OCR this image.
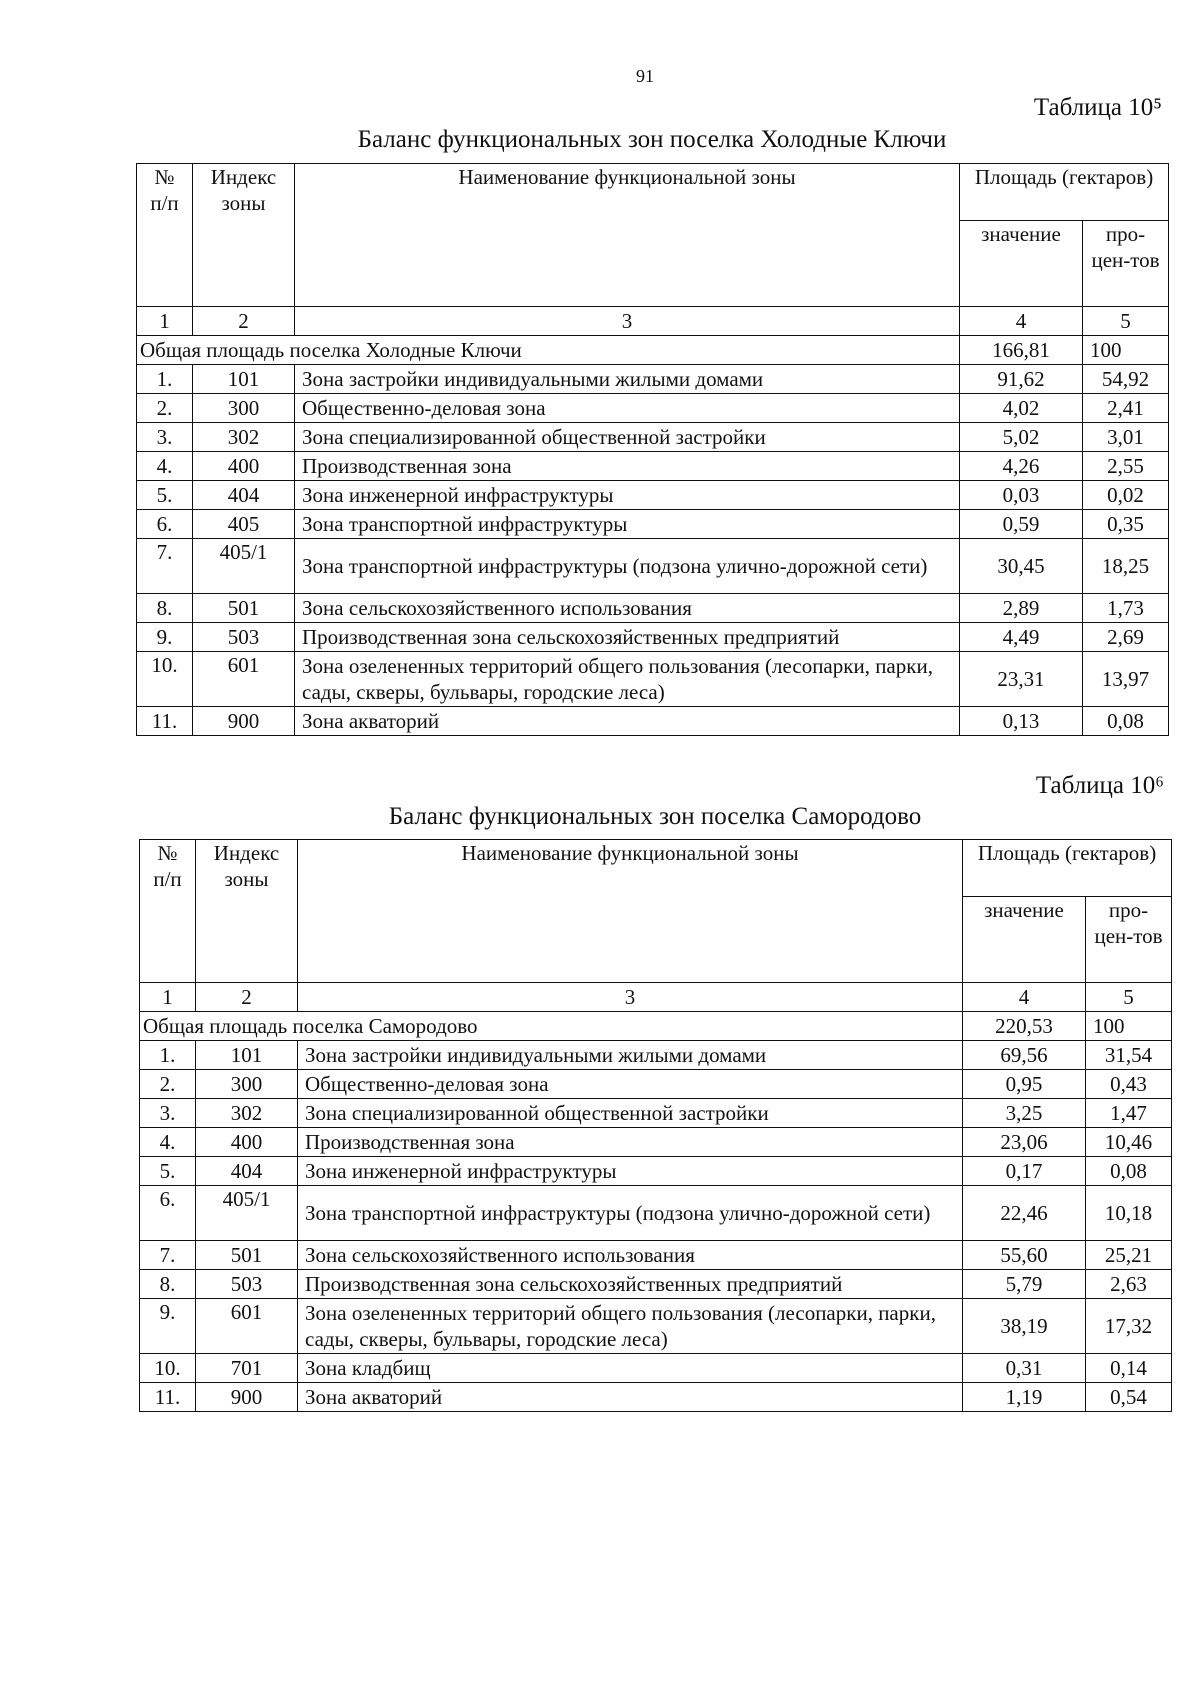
91
Таблица 10⁵
Баланс функциональных зон поселка Холодные Ключи
№ п/п	Индекс зоны	Наименование функциональной зоны	Площадь (гектаров)	
			значение	про-цен-тов
1	2	3	4	5
Общая площадь поселка Холодные Ключи			166,81	100
1.	101	Зона застройки индивидуальными жилыми домами	91,62	54,92
2.	300	Общественно-деловая зона	4,02	2,41
3.	302	Зона специализированной общественной застройки	5,02	3,01
4.	400	Производственная зона	4,26	2,55
5.	404	Зона инженерной инфраструктуры	0,03	0,02
6.	405	Зона транспортной инфраструктуры	0,59	0,35
7.	405/1	Зона транспортной инфраструктуры (подзона улично-дорожной сети)	30,45	18,25
8.	501	Зона сельскохозяйственного использования	2,89	1,73
9.	503	Производственная зона сельскохозяйственных предприятий	4,49	2,69
10.	601	Зона озелененных территорий общего пользования (лесопарки, парки, сады, скверы, бульвары, городские леса)	23,31	13,97
11.	900	Зона акваторий	0,13	0,08
Таблица 10⁶
Баланс функциональных зон поселка Самородово
№ п/п	Индекс зоны	Наименование функциональной зоны	Площадь (гектаров)	
			значение	про-цен-тов
1	2	3	4	5
Общая площадь поселка Самородово			220,53	100
1.	101	Зона застройки индивидуальными жилыми домами	69,56	31,54
2.	300	Общественно-деловая зона	0,95	0,43
3.	302	Зона специализированной общественной застройки	3,25	1,47
4.	400	Производственная зона	23,06	10,46
5.	404	Зона инженерной инфраструктуры	0,17	0,08
6.	405/1	Зона транспортной инфраструктуры (подзона улично-дорожной сети)	22,46	10,18
7.	501	Зона сельскохозяйственного использования	55,60	25,21
8.	503	Производственная зона сельскохозяйственных предприятий	5,79	2,63
9.	601	Зона озелененных территорий общего пользования (лесопарки, парки, сады, скверы, бульвары, городские леса)	38,19	17,32
10.	701	Зона кладбищ	0,31	0,14
11.	900	Зона акваторий	1,19	0,54
